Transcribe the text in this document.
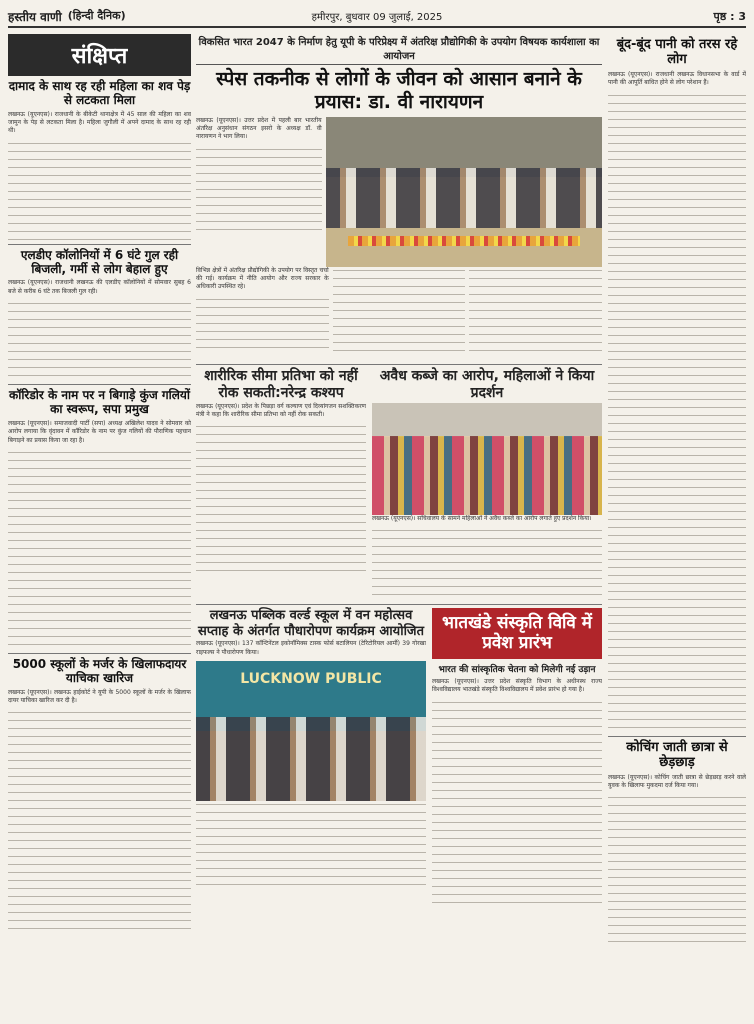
हस्तीय वाणी (हिन्दी दैनिक)	हमीरपुर, बुधवार 09 जुलाई, 2025	पृष्ठ : 3
संक्षिप्त
दामाद के साथ रह रही महिला का शव पेड़ से लटकता मिला

लखनऊ (यूएनएस)। राजधानी के बीकेटी थानाक्षेत्र में 45 साल की महिला का शव जामुन के पेड़ से लटकता मिला है। महिला जुगौली में अपने दामाद के साथ रह रही थी।

एलडीए कॉलोनियों में 6 घंटे गुल रही बिजली, गर्मी से लोग बेहाल हुए

लखनऊ (यूएनएस)। राजधानी लखनऊ की एलडीए कॉलोनियों में सोमवार सुबह 6 बजे से करीब 6 घंटे तक बिजली गुल रही।

कॉरिडोर के नाम पर न बिगाड़े कुंज गलियों का स्वरूप, सपा प्रमुख

लखनऊ (यूएनएस)। समाजवादी पार्टी (सपा) अध्यक्ष अखिलेश यादव ने सोमवार को आरोप लगाया कि वृंदावन में कॉरिडोर के नाम पर कुंज गलियों की पौराणिक पहचान बिगाड़ने का प्रयास किया जा रहा है।

5000 स्कूलों के मर्जर के खिलाफदायर याचिका खारिज

लखनऊ (यूएनएस)। लखनऊ हाईकोर्ट ने यूपी के 5000 स्कूलों के मर्जर के खिलाफ दायर याचिका खारिज कर दी है।

विकसित भारत 2047 के निर्माण हेतु यूपी के परिप्रेक्ष्य में अंतरिक्ष प्रौद्योगिकी के उपयोग विषयक कार्यशाला का आयोजन
स्पेस तकनीक से लोगों के जीवन को आसान बनाने के प्रयास: डा. वी नारायणन

लखनऊ (यूएनएस)। उत्तर प्रदेश में पहली बार भारतीय अंतरिक्ष अनुसंधान संगठन इसरो के अध्यक्ष डॉ. वी नारायणन ने भाग लिया।

विभिन्न क्षेत्रों में अंतरिक्ष प्रौद्योगिकी के उपयोग पर विस्तृत चर्चा की गई। कार्यक्रम में नीति आयोग और राज्य सरकार के अधिकारी उपस्थित रहे।

शारीरिक सीमा प्रतिभा को नहीं रोक सकती:नरेन्द्र कश्यप

लखनऊ (यूएनएस)। प्रदेश के पिछड़ा वर्ग कल्याण एवं दिव्यांगजन सशक्तिकरण मंत्री ने कहा कि शारीरिक सीमा प्रतिभा को नहीं रोक सकती।

अवैध कब्जे का आरोप, महिलाओं ने किया प्रदर्शन

लखनऊ (यूएनएस)। सचिवालय के सामने महिलाओं ने अवैध कब्जे का आरोप लगाते हुए प्रदर्शन किया।

लखनऊ पब्लिक वर्ल्ड स्कूल में वन महोत्सव सप्ताह के अंतर्गत पौधारोपण कार्यक्रम आयोजित

लखनऊ (यूएनएस)। 137 कॉन्टिनेंटल इकोनॉमिक्स टास्क फोर्स बटालियन (टेरिटोरियल आर्मी) 39 गोरखा राइफल्स ने पौधारोपण किया।

LUCKNOW PUBLIC
भातखंडे संस्कृति विवि में प्रवेश प्रारंभ
भारत की सांस्कृतिक चेतना को मिलेगी नई उड़ान

लखनऊ (यूएनएस)। उत्तर प्रदेश संस्कृति विभाग के अधीनस्थ राज्य विश्वविद्यालय भातखंडे संस्कृति विश्वविद्यालय में प्रवेश प्रारंभ हो गया है।

बूंद-बूंद पानी को तरस रहे लोग

लखनऊ (यूएनएस)। राजधानी लखनऊ विधानसभा के वार्ड में पानी की आपूर्ति बाधित होने से लोग परेशान हैं।

कोचिंग जाती छात्रा से छेड़छाड़

लखनऊ (यूएनएस)। कोचिंग जाती छात्रा से छेड़छाड़ करने वाले युवक के खिलाफ मुकदमा दर्ज किया गया।
